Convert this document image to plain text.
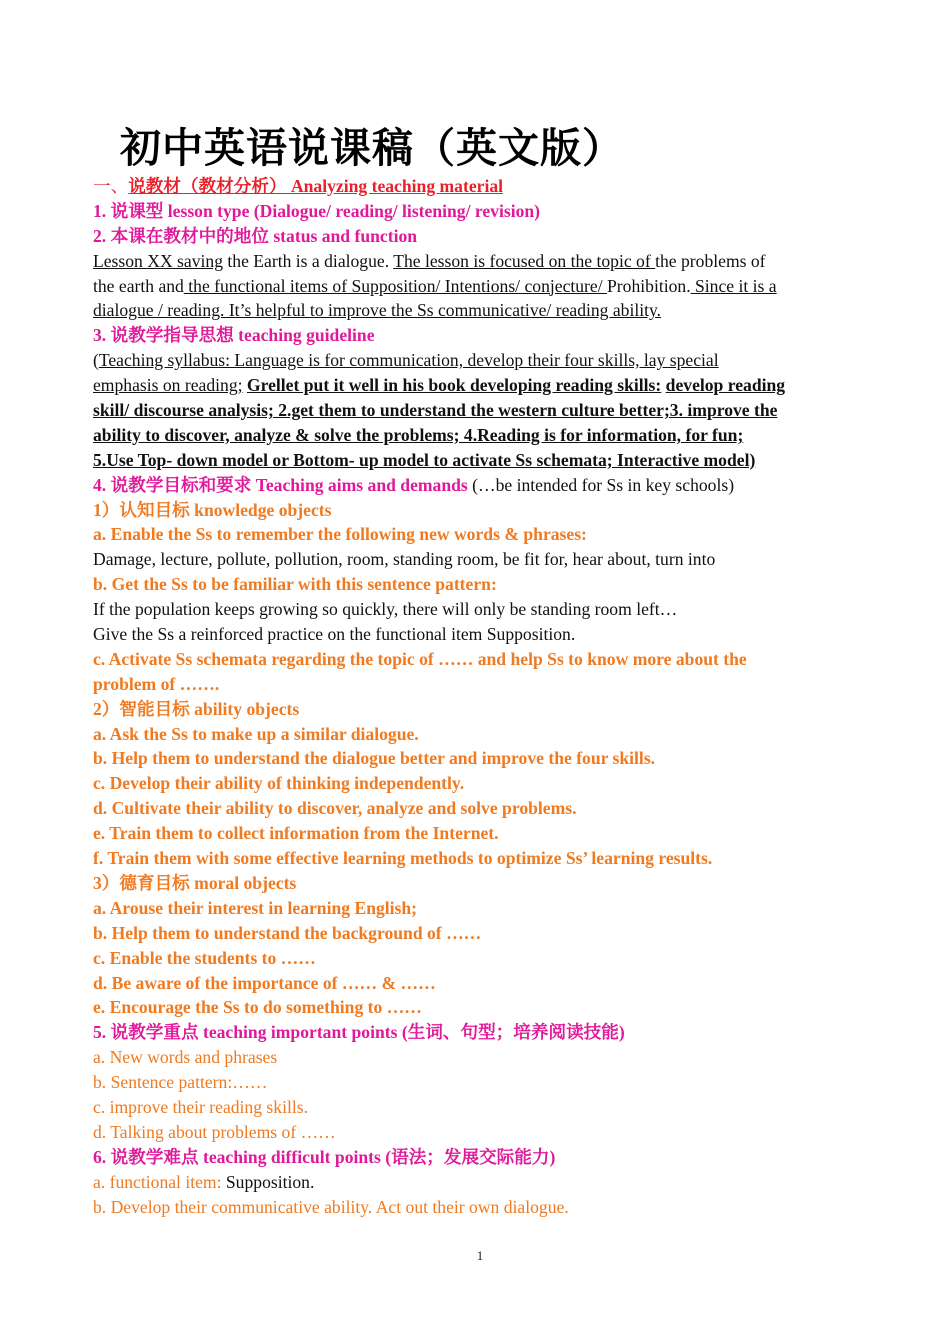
初中英语说课稿（英文版）
一、说教材（教材分析） Analyzing teaching material
1. 说课型 lesson type (Dialogue/ reading/ listening/ revision)
2. 本课在教材中的地位 status and function
Lesson XX saving the Earth is a dialogue. The lesson is focused on the topic of the problems of
the earth and the functional items of Supposition/ Intentions/ conjecture/ Prohibition. Since it is a
dialogue / reading. It’s helpful to improve the Ss communicative/ reading ability.
3. 说教学指导思想 teaching guideline
(Teaching syllabus: Language is for communication, develop their four skills, lay special
emphasis on reading; Grellet put it well in his book developing reading skills: develop reading
skill/ discourse analysis; 2.get them to understand the western culture better;3. improve the
ability to discover, analyze & solve the problems; 4.Reading is for information, for fun;
5.Use Top- down model or Bottom- up model to activate Ss schemata; Interactive model)
4. 说教学目标和要求 Teaching aims and demands (…be intended for Ss in key schools)
1）认知目标 knowledge objects
a. Enable the Ss to remember the following new words & phrases:
Damage, lecture, pollute, pollution, room, standing room, be fit for, hear about, turn into
b. Get the Ss to be familiar with this sentence pattern:
If the population keeps growing so quickly, there will only be standing room left…
Give the Ss a reinforced practice on the functional item Supposition.
c. Activate Ss schemata regarding the topic of …… and help Ss to know more about the
problem of …….
2）智能目标 ability objects
a. Ask the Ss to make up a similar dialogue.
b. Help them to understand the dialogue better and improve the four skills.
c. Develop their ability of thinking independently.
d. Cultivate their ability to discover, analyze and solve problems.
e. Train them to collect information from the Internet.
f. Train them with some effective learning methods to optimize Ss’ learning results.
3）德育目标 moral objects
a. Arouse their interest in learning English;
b. Help them to understand the background of ……
c. Enable the students to ……
d. Be aware of the importance of …… & ……
e. Encourage the Ss to do something to ……
5. 说教学重点 teaching important points (生词、句型；培养阅读技能)
a. New words and phrases
b. Sentence pattern:……
c. improve their reading skills.
d. Talking about problems of ……
6. 说教学难点 teaching difficult points (语法；发展交际能力)
a. functional item: Supposition.
b. Develop their communicative ability. Act out their own dialogue.
1
